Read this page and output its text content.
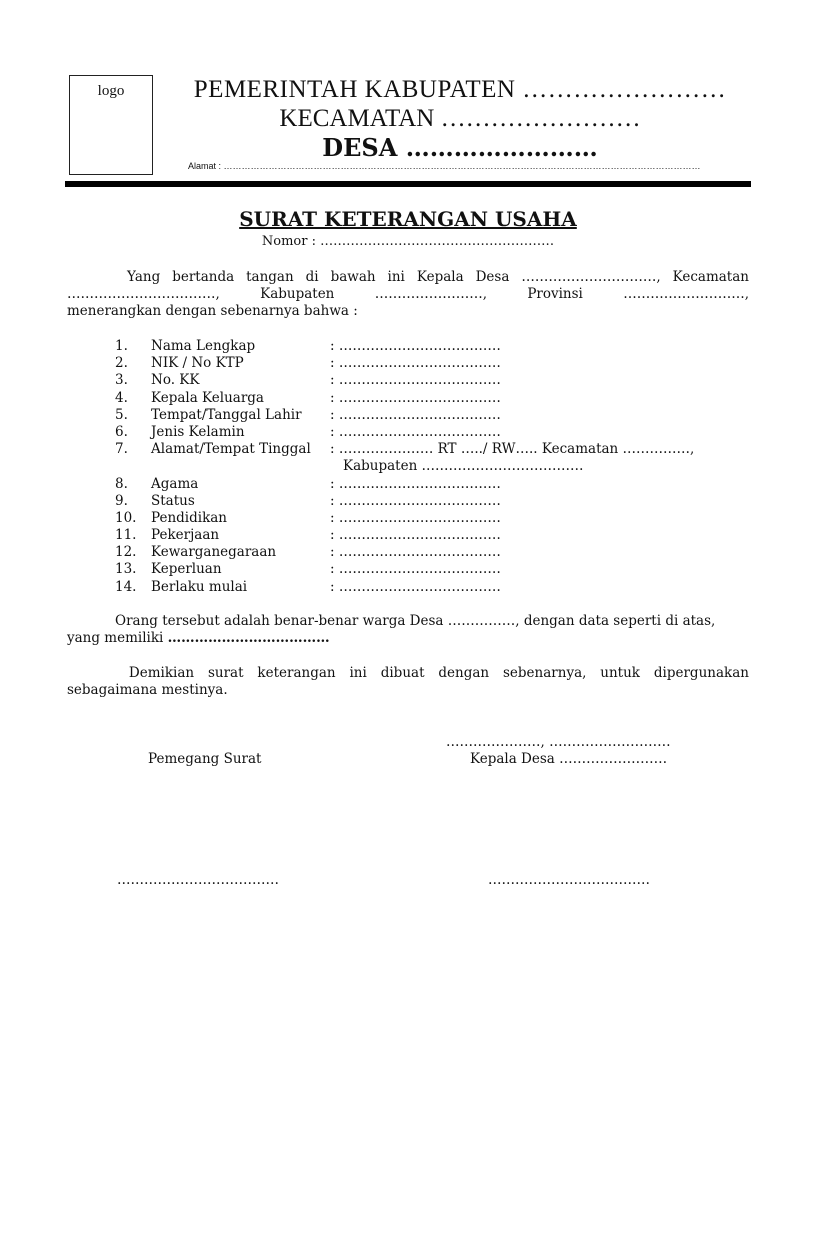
logo	PEMERINTAH KABUPATEN ……………………
KECAMATAN ……………………
DESA ……………………
Alamat : ……………………………………………………………………………………………………………………………………………
SURAT KETERANGAN USAHA
Nomor : ………………………………………………
Yang bertanda tangan di bawah ini Kepala Desa …………………………, Kecamatan
……………………………,	Kabupaten	……………………,	Provinsi	………………………,
menerangkan dengan sebenarnya bahwa :
1. Nama Lengkap	: ………………………………
2. NIK / No KTP	: ………………………………
3. No. KK	: ………………………………
4. Kepala Keluarga	: ………………………………
5. Tempat/Tanggal Lahir : ………………………………
6. Jenis Kelamin	: ………………………………
7. Alamat/Tempat Tinggal : ………………… RT …../ RW….. Kecamatan ……………,
Kabupaten ………………………………
8. Agama	: ………………………………
9. Status	: ………………………………
10. Pendidikan	: ………………………………
11. Pekerjaan	: ………………………………
12. Kewarganegaraan	: ………………………………
13. Keperluan	: ………………………………
14. Berlaku mulai	: ………………………………
Orang tersebut adalah benar-benar warga Desa ……………, dengan data seperti di atas,
yang memiliki ………………………………
Demikian surat keterangan ini dibuat dengan sebenarnya, untuk dipergunakan
sebagaimana mestinya.
…………………, ………………………
Pemegang Surat	Kepala Desa ……………………
………………………………	………………………………
